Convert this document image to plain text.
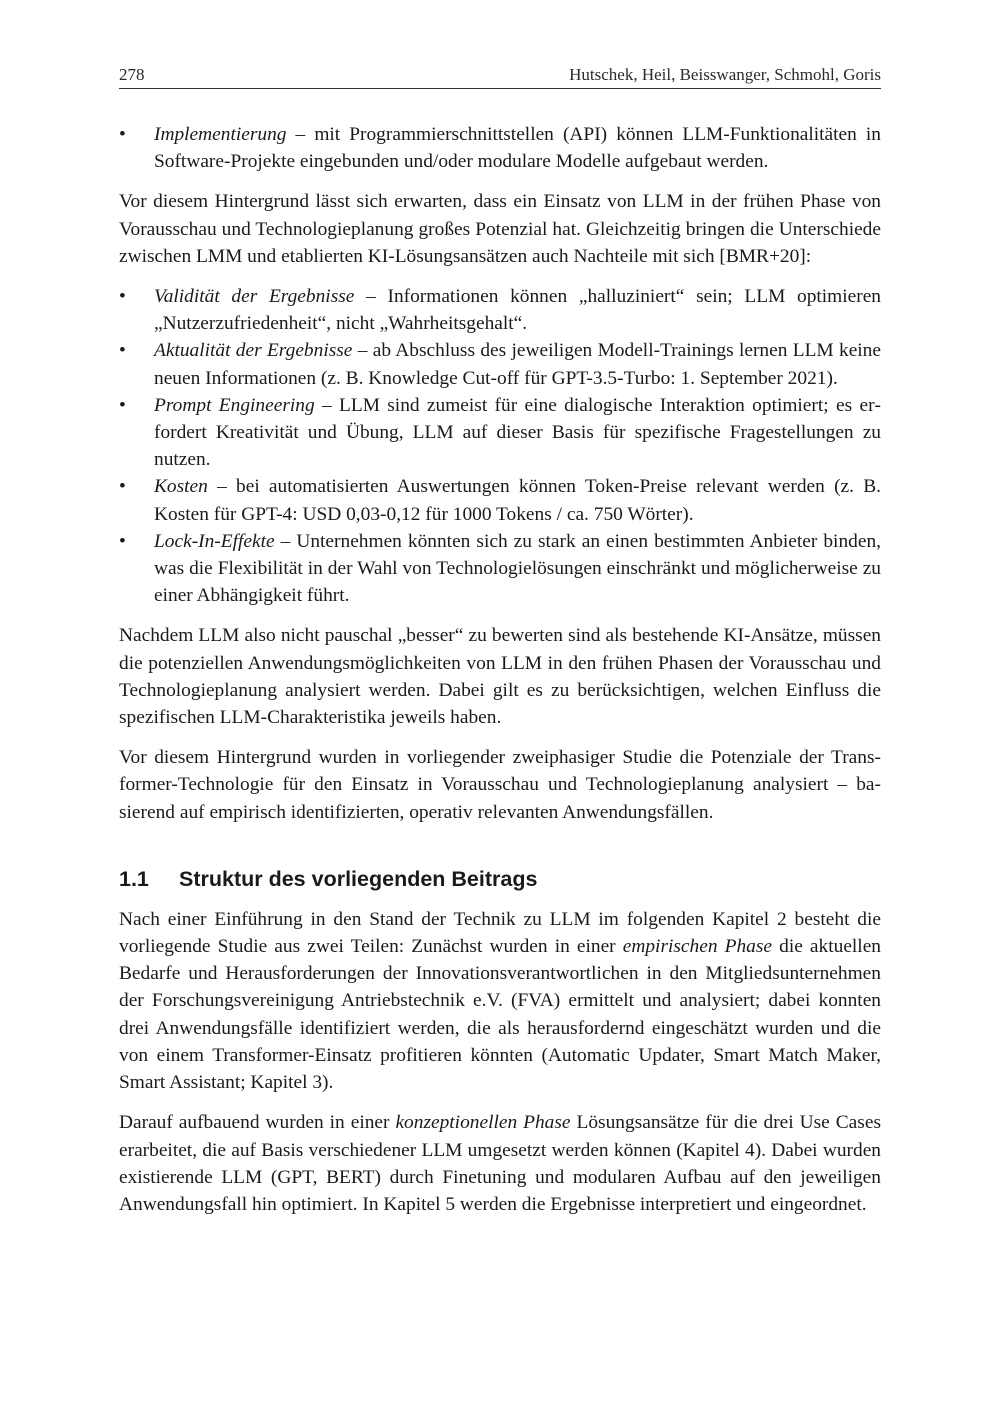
278	Hutschek, Heil, Beisswanger, Schmohl, Goris
• Implementierung – mit Programmierschnittstellen (API) können LLM-Funktionalitäten in Software-Projekte eingebunden und/oder modulare Modelle aufgebaut werden.

Vor diesem Hintergrund lässt sich erwarten, dass ein Einsatz von LLM in der frühen Phase von Vorausschau und Technologieplanung großes Potenzial hat. Gleichzeitig bringen die Unterschiede zwischen LMM und etablierten KI-Lösungsansätzen auch Nachteile mit sich [BMR+20]:

• Validität der Ergebnisse – Informationen können „halluziniert“ sein; LLM optimieren „Nutzerzufriedenheit“, nicht „Wahrheitsgehalt“.
• Aktualität der Ergebnisse – ab Abschluss des jeweiligen Modell-Trainings lernen LLM keine neuen Informationen (z. B. Knowledge Cut-off für GPT-3.5-Turbo: 1. September 2021).
• Prompt Engineering – LLM sind zumeist für eine dialogische Interaktion optimiert; es erfordert Kreativität und Übung, LLM auf dieser Basis für spezifische Fragestellungen zu nutzen.
• Kosten – bei automatisierten Auswertungen können Token-Preise relevant werden (z. B. Kosten für GPT-4: USD 0,03-0,12 für 1000 Tokens / ca. 750 Wörter).
• Lock-In-Effekte – Unternehmen könnten sich zu stark an einen bestimmten Anbieter binden, was die Flexibilität in der Wahl von Technologielösungen einschränkt und möglicherweise zu einer Abhängigkeit führt.

Nachdem LLM also nicht pauschal „besser“ zu bewerten sind als bestehende KI-Ansätze, müssen die potenziellen Anwendungsmöglichkeiten von LLM in den frühen Phasen der Vorausschau und Technologieplanung analysiert werden. Dabei gilt es zu berücksichtigen, welchen Einfluss die spezifischen LLM-Charakteristika jeweils haben.

Vor diesem Hintergrund wurden in vorliegender zweiphasiger Studie die Potenziale der Transformer-Technologie für den Einsatz in Vorausschau und Technologieplanung analysiert – basierend auf empirisch identifizierten, operativ relevanten Anwendungsfällen.

1.1 Struktur des vorliegenden Beitrags

Nach einer Einführung in den Stand der Technik zu LLM im folgenden Kapitel 2 besteht die vorliegende Studie aus zwei Teilen: Zunächst wurden in einer empirischen Phase die aktuellen Bedarfe und Herausforderungen der Innovationsverantwortlichen in den Mitgliedsunternehmen der Forschungsvereinigung Antriebstechnik e.V. (FVA) ermittelt und analysiert; dabei konnten drei Anwendungsfälle identifiziert werden, die als herausfordernd eingeschätzt wurden und die von einem Transformer-Einsatz profitieren könnten (Automatic Updater, Smart Match Maker, Smart Assistant; Kapitel 3).

Darauf aufbauend wurden in einer konzeptionellen Phase Lösungsansätze für die drei Use Cases erarbeitet, die auf Basis verschiedener LLM umgesetzt werden können (Kapitel 4). Dabei wurden existierende LLM (GPT, BERT) durch Finetuning und modularen Aufbau auf den jeweiligen Anwendungsfall hin optimiert. In Kapitel 5 werden die Ergebnisse interpretiert und eingeordnet.
